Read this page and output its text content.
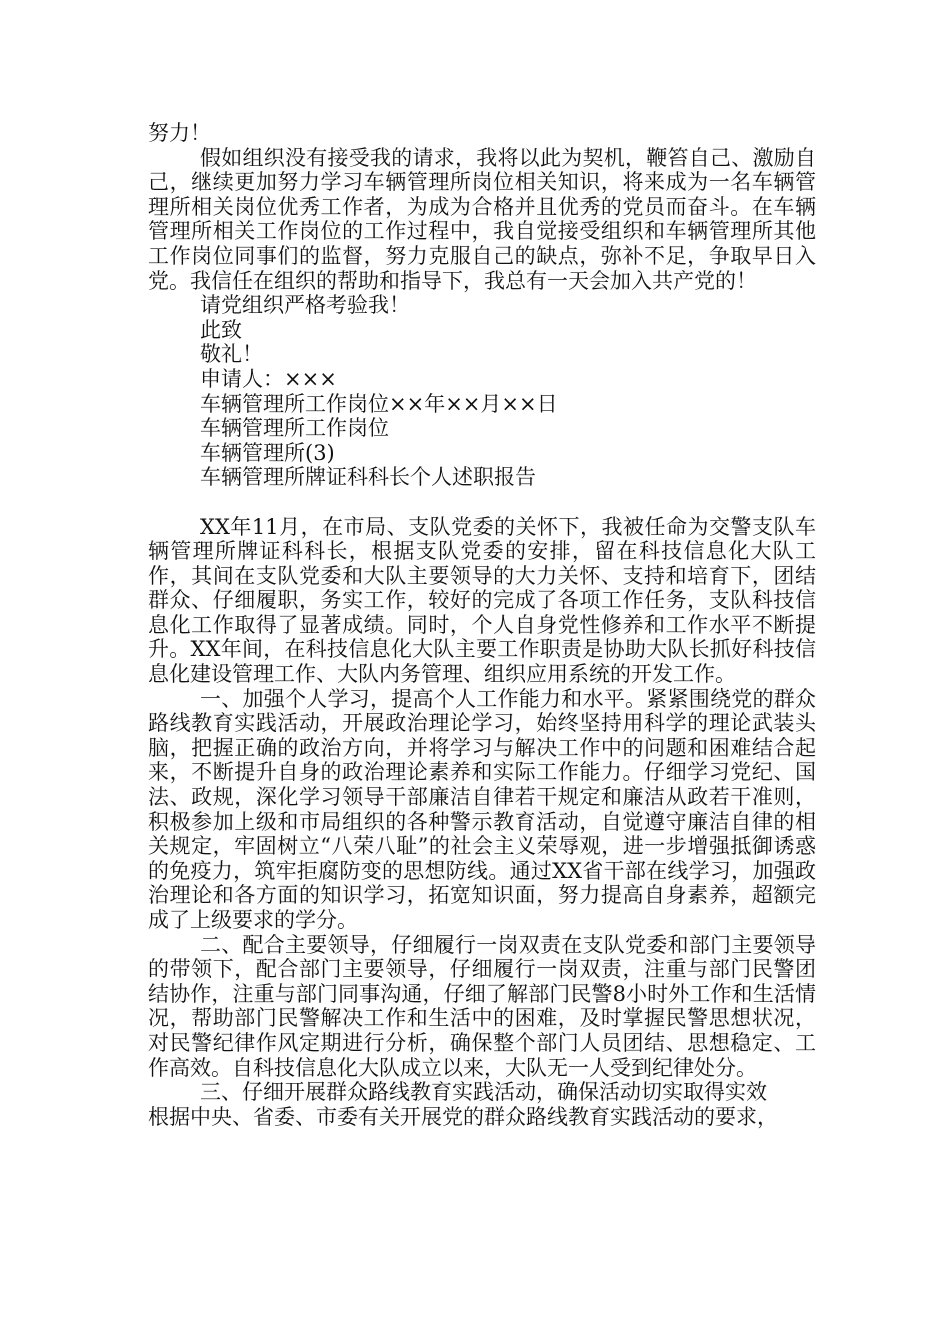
努力！

假如组织没有接受我的请求，我将以此为契机，鞭笞自己、激励自己，继续更加努力学习车辆管理所岗位相关知识，将来成为一名车辆管理所相关岗位优秀工作者，为成为合格并且优秀的党员而奋斗。在车辆管理所相关工作岗位的工作过程中，我自觉接受组织和车辆管理所其他工作岗位同事们的监督，努力克服自己的缺点，弥补不足，争取早日入党。我信任在组织的帮助和指导下，我总有一天会加入共产党的！

请党组织严格考验我！

此致

敬礼！

申请人：×××

车辆管理所工作岗位××年××月××日

车辆管理所工作岗位

车辆管理所(3)

车辆管理所牌证科科长个人述职报告

XX年11月，在市局、支队党委的关怀下，我被任命为交警支队车辆管理所牌证科科长，根据支队党委的安排，留在科技信息化大队工作，其间在支队党委和大队主要领导的大力关怀、支持和培育下，团结群众、仔细履职，务实工作，较好的完成了各项工作任务，支队科技信息化工作取得了显著成绩。同时，个人自身党性修养和工作水平不断提升。XX年间，在科技信息化大队主要工作职责是协助大队长抓好科技信息化建设管理工作、大队内务管理、组织应用系统的开发工作。

一、加强个人学习，提高个人工作能力和水平。紧紧围绕党的群众路线教育实践活动，开展政治理论学习，始终坚持用科学的理论武装头脑，把握正确的政治方向，并将学习与解决工作中的问题和困难结合起来，不断提升自身的政治理论素养和实际工作能力。仔细学习党纪、国法、政规，深化学习领导干部廉洁自律若干规定和廉洁从政若干准则，积极参加上级和市局组织的各种警示教育活动，自觉遵守廉洁自律的相关规定，牢固树立“八荣八耻”的社会主义荣辱观，进一步增强抵御诱惑的免疫力，筑牢拒腐防变的思想防线。通过XX省干部在线学习，加强政治理论和各方面的知识学习，拓宽知识面，努力提高自身素养，超额完成了上级要求的学分。

二、配合主要领导，仔细履行一岗双责在支队党委和部门主要领导的带领下，配合部门主要领导，仔细履行一岗双责，注重与部门民警团结协作，注重与部门同事沟通，仔细了解部门民警8小时外工作和生活情况，帮助部门民警解决工作和生活中的困难，及时掌握民警思想状况，对民警纪律作风定期进行分析，确保整个部门人员团结、思想稳定、工作高效。自科技信息化大队成立以来，大队无一人受到纪律处分。

三、仔细开展群众路线教育实践活动，确保活动切实取得实效

根据中央、省委、市委有关开展党的群众路线教育实践活动的要求，
